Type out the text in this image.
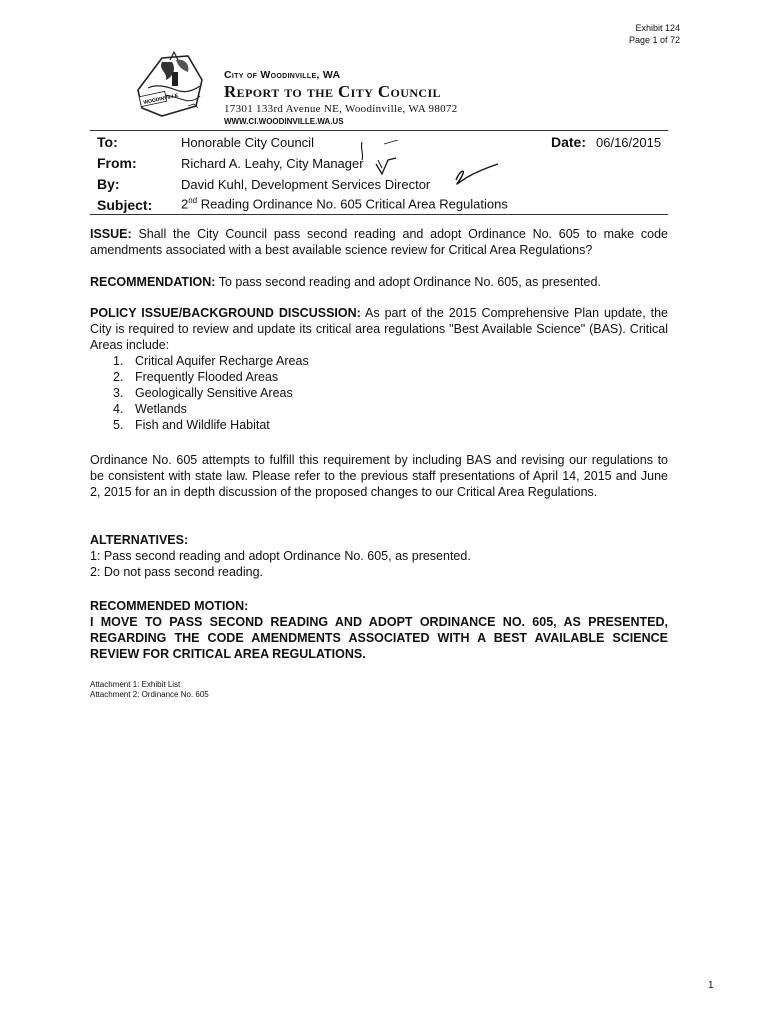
Exhibit 124
Page 1 of 72
WOODINVILLE
City of Woodinville, WA
Report to the City Council
17301 133rd Avenue NE, Woodinville, WA 98072
WWW.CI.WOODINVILLE.WA.US
To:	Honorable City Council	Date: 06/16/2015
From:	Richard A. Leahy, City Manager
By:	David Kuhl, Development Services Director
Subject: 2nd Reading Ordinance No. 605 Critical Area Regulations
ISSUE: Shall the City Council pass second reading and adopt Ordinance No. 605 to make code amendments associated with a best available science review for Critical Area Regulations?
RECOMMENDATION: To pass second reading and adopt Ordinance No. 605, as presented.
POLICY ISSUE/BACKGROUND DISCUSSION: As part of the 2015 Comprehensive Plan update, the City is required to review and update its critical area regulations "Best Available Science" (BAS). Critical Areas include:
1. Critical Aquifer Recharge Areas
2. Frequently Flooded Areas
3. Geologically Sensitive Areas
4. Wetlands
5. Fish and Wildlife Habitat
Ordinance No. 605 attempts to fulfill this requirement by including BAS and revising our regulations to be consistent with state law. Please refer to the previous staff presentations of April 14, 2015 and June 2, 2015 for an in depth discussion of the proposed changes to our Critical Area Regulations.
ALTERNATIVES:
1: Pass second reading and adopt Ordinance No. 605, as presented.
2: Do not pass second reading.
RECOMMENDED MOTION:
I MOVE TO PASS SECOND READING AND ADOPT ORDINANCE NO. 605, AS PRESENTED, REGARDING THE CODE AMENDMENTS ASSOCIATED WITH A BEST AVAILABLE SCIENCE REVIEW FOR CRITICAL AREA REGULATIONS.
Attachment 1: Exhibit List
Attachment 2: Ordinance No. 605
1
